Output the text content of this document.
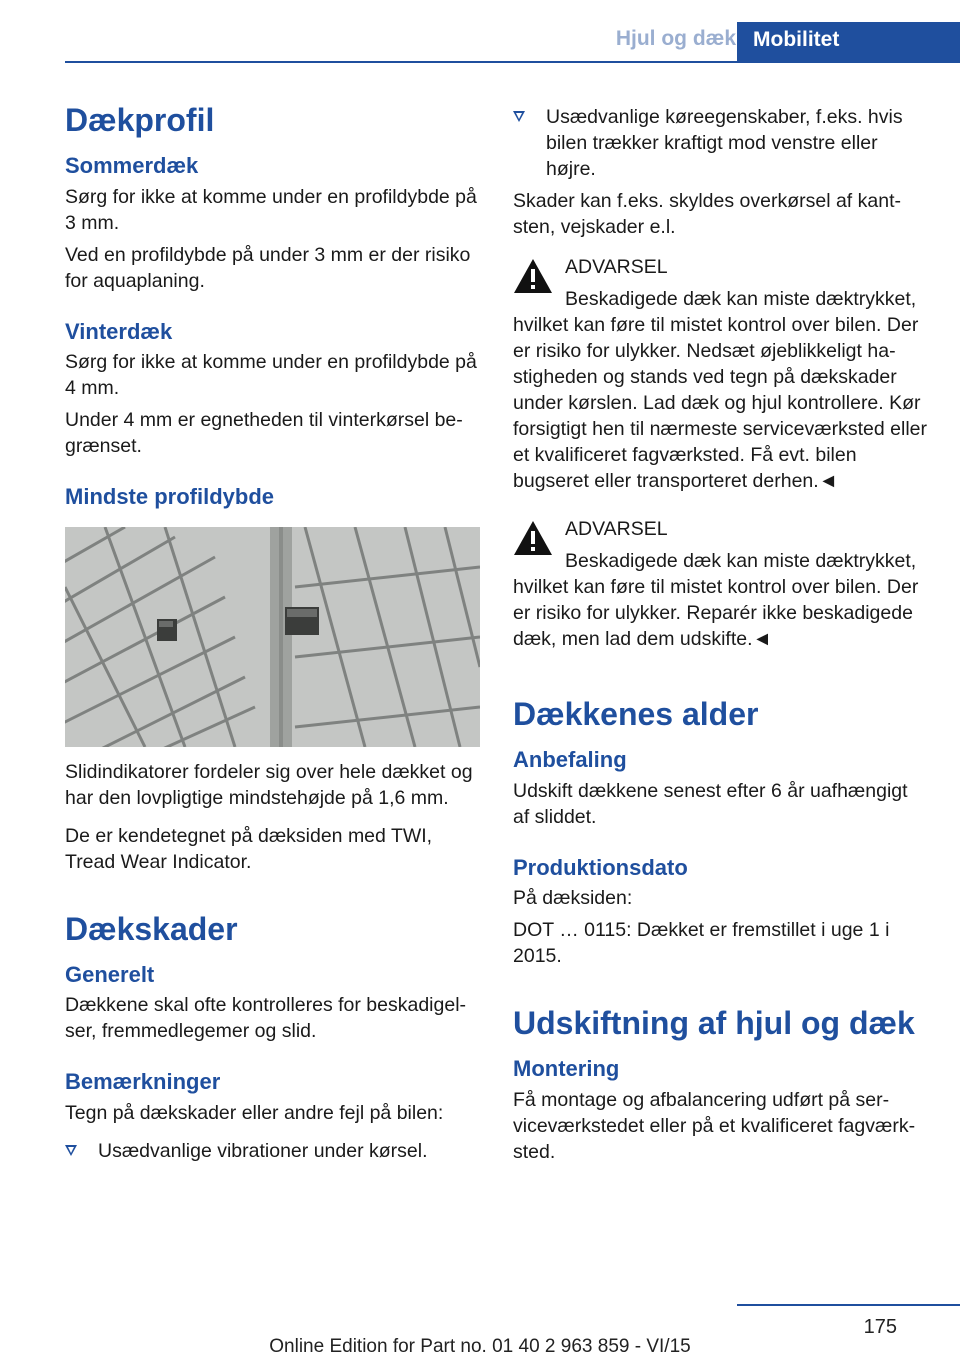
Hjul og dæk Mobilitet
Dækprofil
Sommerdæk

Sørg for ikke at komme under en profildybde på 3 mm.

Ved en profildybde på under 3 mm er der risiko for aquaplaning.

Vinterdæk

Sørg for ikke at komme under en profildybde på 4 mm.

Under 4 mm er egnetheden til vinterkørsel begrænset.

Mindste profildybde

Slidindikatorer fordeler sig over hele dækket og har den lovpligtige mindstehøjde på 1,6 mm.

De er kendetegnet på dæksiden med TWI, Tread Wear Indicator.

Dækskader
Generelt

Dækkene skal ofte kontrolleres for beskadigelser, fremmedlegemer og slid.

Bemærkninger

Tegn på dækskader eller andre fejl på bilen:

Usædvanlige vibrationer under kørsel.
Usædvanlige køreegenskaber, f.eks. hvis bilen trækker kraftigt mod venstre eller højre.

Skader kan f.eks. skyldes overkørsel af kantsten, vejskader e.l.

ADVARSEL

Beskadigede dæk kan miste dæktrykket,

hvilket kan føre til mistet kontrol over bilen. Der er risiko for ulykker. Nedsæt øjeblikkeligt hastigheden og stands ved tegn på dækskader under kørslen. Lad dæk og hjul kontrollere. Kør forsigtigt hen til nærmeste serviceværksted eller et kvalificeret fagværksted. Få evt. bilen bugseret eller transporteret derhen.◄

ADVARSEL

Beskadigede dæk kan miste dæktrykket,

hvilket kan føre til mistet kontrol over bilen. Der er risiko for ulykker. Reparér ikke beskadigede dæk, men lad dem udskifte.◄

Dækkenes alder
Anbefaling

Udskift dækkene senest efter 6 år uafhængigt af sliddet.

Produktionsdato

På dæksiden:

DOT … 0115: Dækket er fremstillet i uge 1 i 2015.

Udskiftning af hjul og dæk
Montering

Få montage og afbalancering udført på serviceværkstedet eller på et kvalificeret fagværksted.

175
Online Edition for Part no. 01 40 2 963 859 - VI/15
